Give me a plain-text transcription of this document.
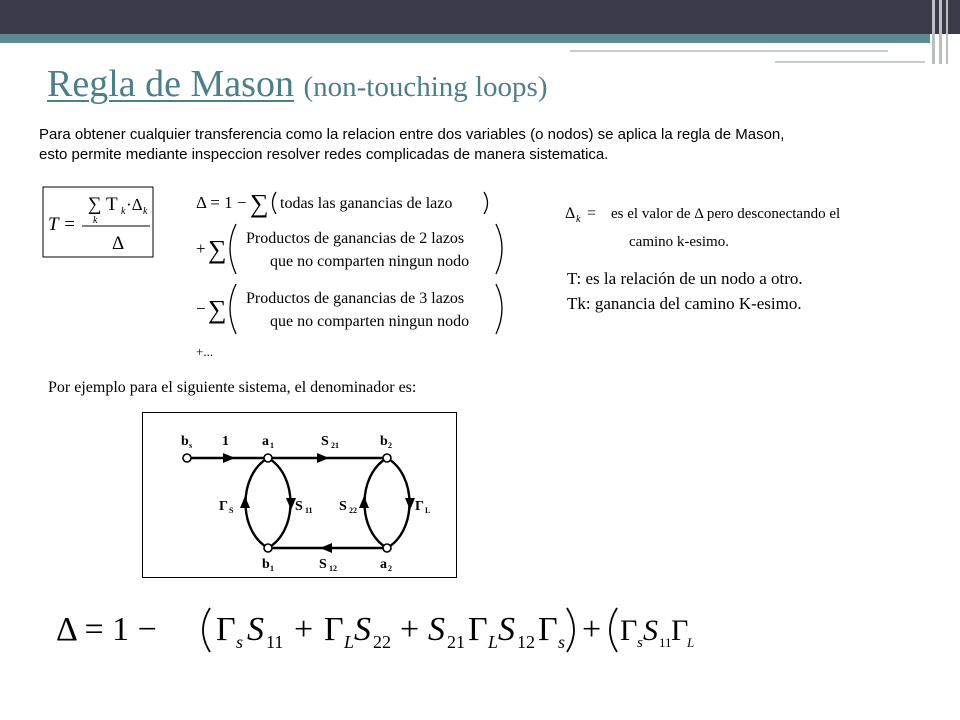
Regla de Mason (non-touching loops)
Para obtener cualquier transferencia como la relacion entre dos variables (o nodos) se aplica la regla de Mason,
esto permite mediante inspeccion resolver redes complicadas de manera sistematica.
T =
∑ T k ·Δ k
k
Δ
Δ = 1 − ∑ todas las ganancias de lazo
+ ∑ Productos de ganancias de 2 lazos
que no comparten ningun nodo
− ∑ Productos de ganancias de 3 lazos
que no comparten ningun nodo
+...
Δ k = es el valor de Δ pero desconectando el
camino k-esimo.
T: es la relación de un nodo a otro.
Tk: ganancia del camino K-esimo.
Por ejemplo para el siguiente sistema, el denominador es:
b s 1 a 1	S 21	b 2
Γ S	S 11 S 22	Γ L
b 1	S 12	a 2
Δ = 1 − Γ s S 11 + Γ L S 22 + S 21 Γ L S 12 Γ s + Γ s S 11 Γ
L
S 22
